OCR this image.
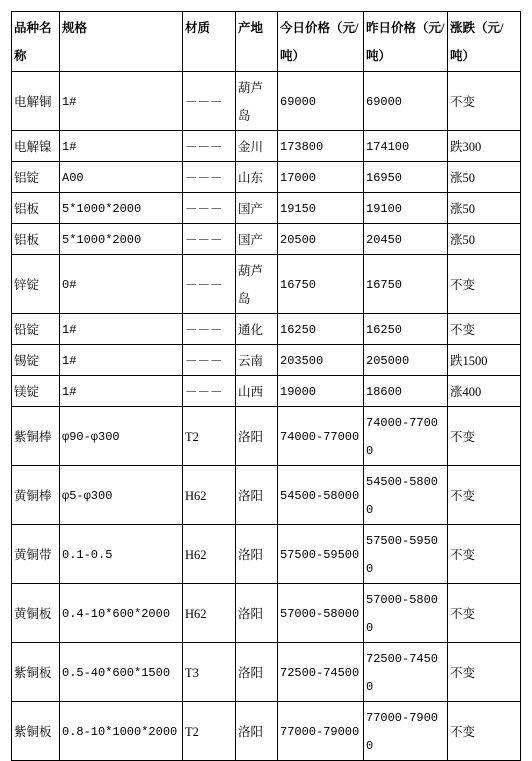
品种名称	规格	材质	产地	今日价格（元/吨）	昨日价格（元/吨）	涨跌（元/吨）
电解铜	1#	－－－	葫芦岛	69000	69000	不变
电解镍	1#	－－－	金川	173800	174100	跌300
铝锭	A00	－－－	山东	17000	16950	涨50
铝板	5*1000*2000	－－－	国产	19150	19100	涨50
铝板	5*1000*2000	－－－	国产	20500	20450	涨50
锌锭	0#	－－－	葫芦岛	16750	16750	不变
铅锭	1#	－－－	通化	16250	16250	不变
锡锭	1#	－－－	云南	203500	205000	跌1500
镁锭	1#	－－－	山西	19000	18600	涨400
紫铜棒	φ90-φ300	T2	洛阳	74000-77000	74000-77000	不变
黄铜棒	φ5-φ300	H62	洛阳	54500-58000	54500-58000	不变
黄铜带	0.1-0.5	H62	洛阳	57500-59500	57500-59500	不变
黄铜板	0.4-10*600*2000	H62	洛阳	57000-58000	57000-58000	不变
紫铜板	0.5-40*600*1500	T3	洛阳	72500-74500	72500-74500	不变
紫铜板	0.8-10*1000*2000	T2	洛阳	77000-79000	77000-79000	不变
